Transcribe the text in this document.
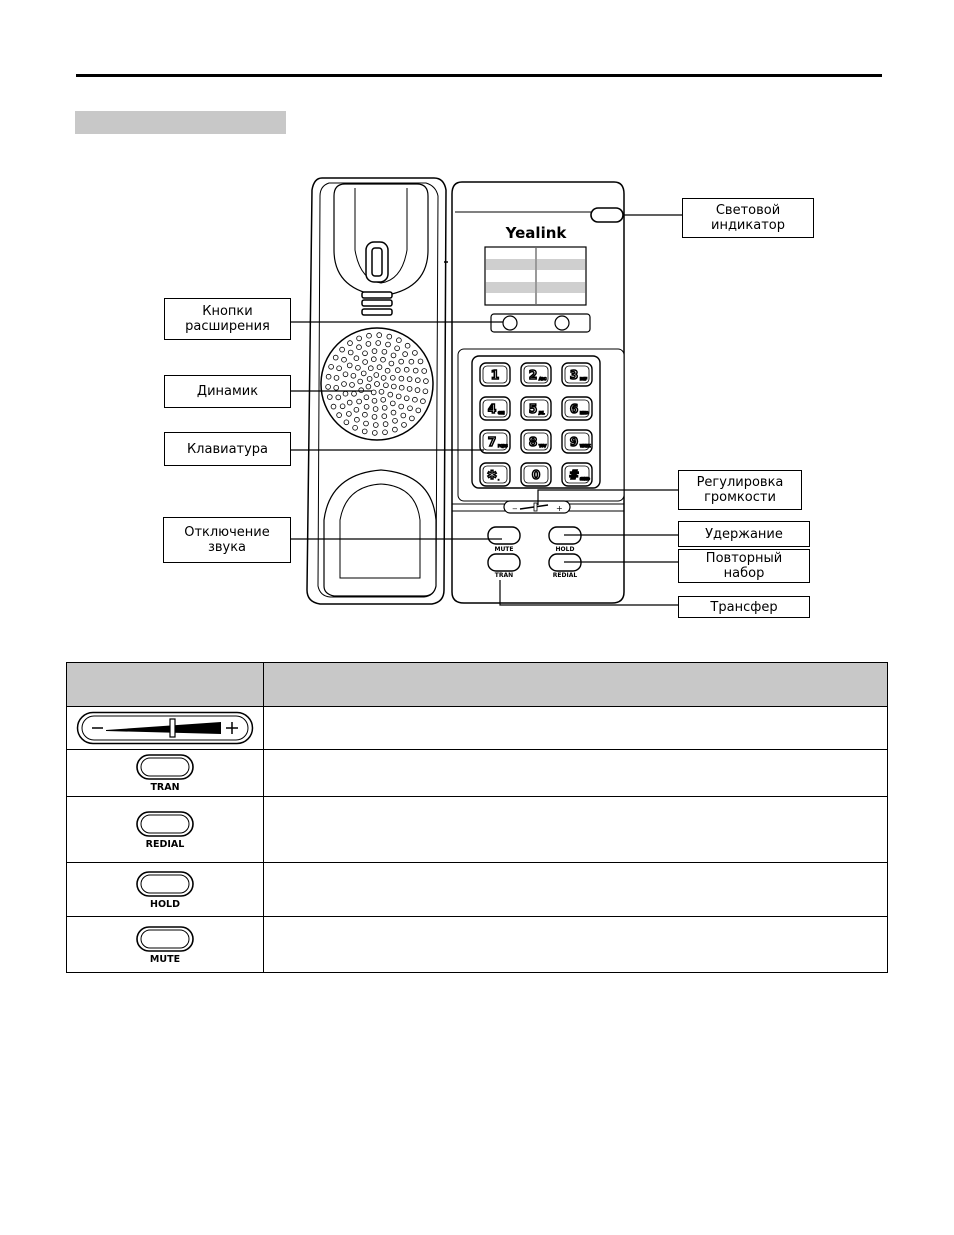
1 2 ABC 3 DEF
4 GHI 5 JKL 6 MNO
7 PQRS 8 TUV 9 WXYZ
✱ .	0 # SEND
Yealink
−	+
MUTE	HOLD
TRAN	REDIAL
Световой
индикатор
Кнопки
расширения
Динамик
Клавиатура
Регулировка
громкости
Отключение
звука
Удержание
Повторный
набор
Трансфер

TRAN	

REDIAL	

HOLD	

MUTE	
